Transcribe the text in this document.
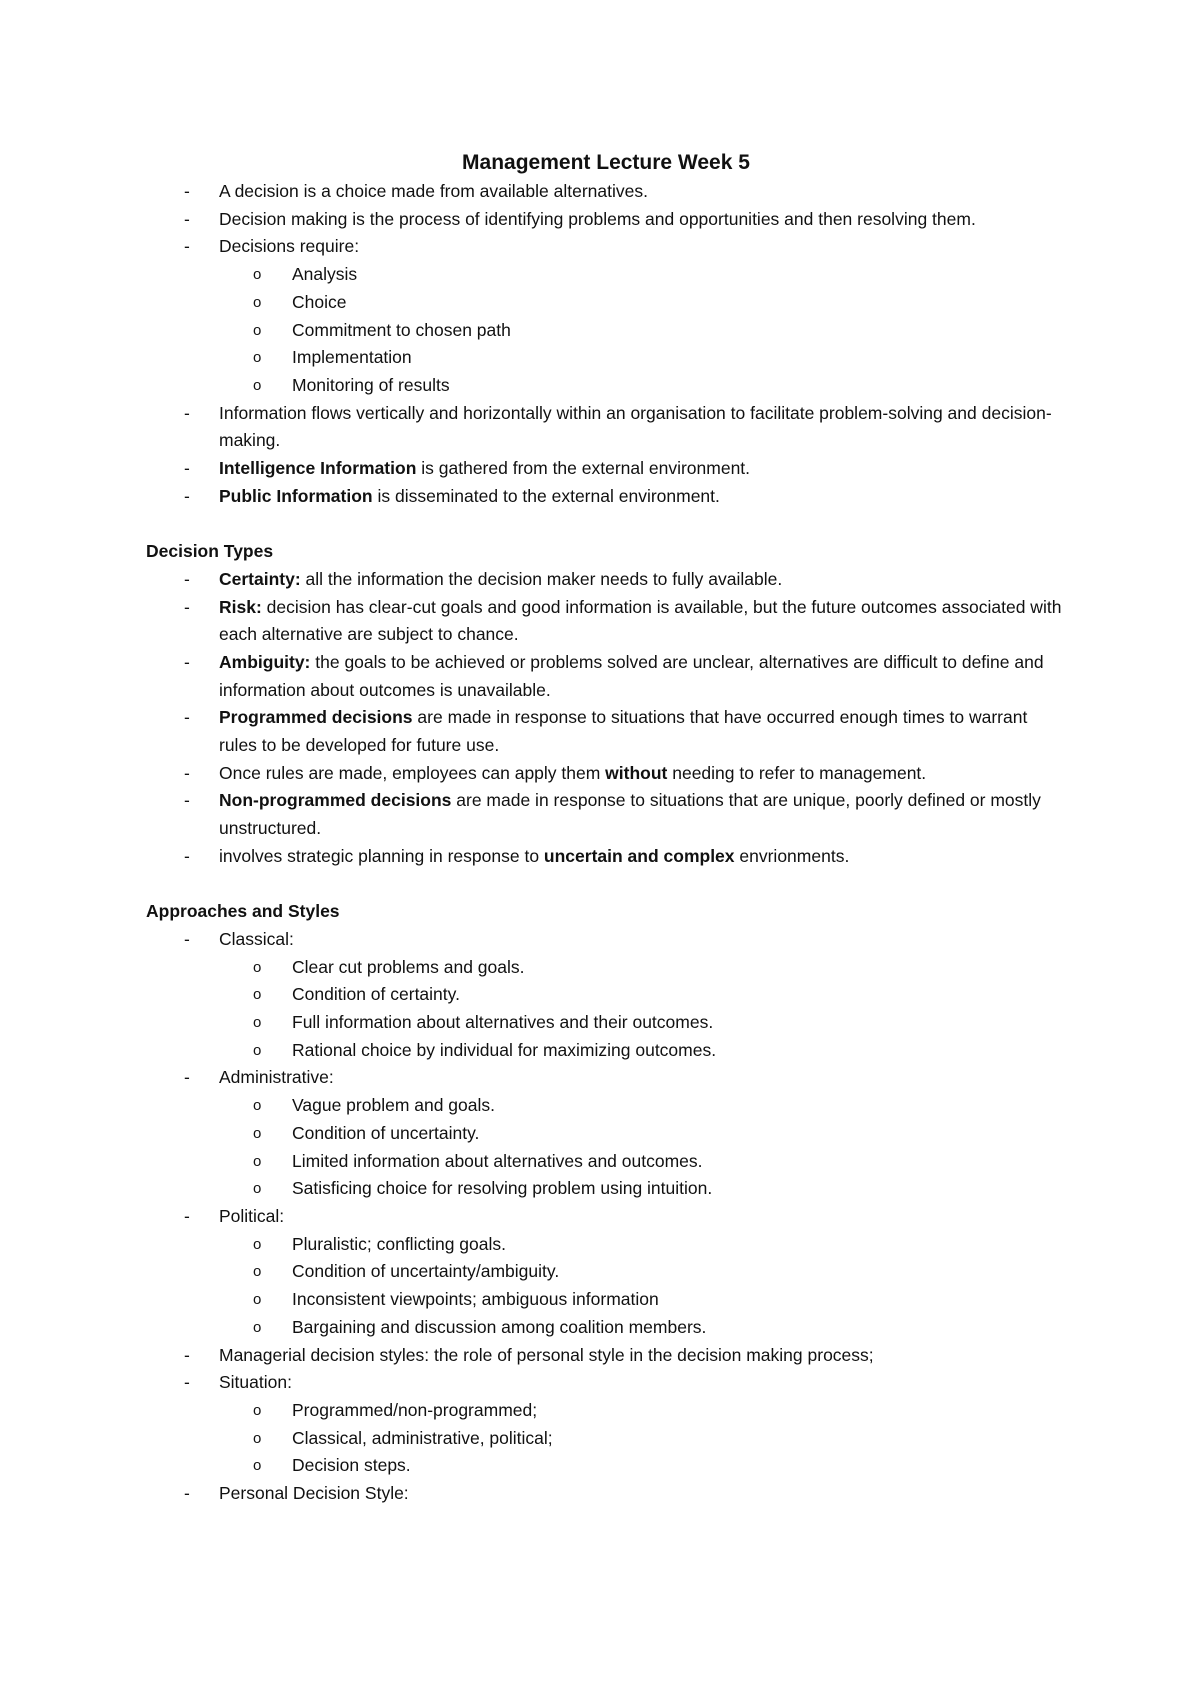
Management Lecture Week 5
- A decision is a choice made from available alternatives.
- Decision making is the process of identifying problems and opportunities and then resolving them.
- Decisions require:
o Analysis
o Choice
o Commitment to chosen path
o Implementation
o Monitoring of results
- Information flows vertically and horizontally within an organisation to facilitate problem-solving and decision-making.
- Intelligence Information is gathered from the external environment.
- Public Information is disseminated to the external environment.
Decision Types
- Certainty: all the information the decision maker needs to fully available.
- Risk: decision has clear-cut goals and good information is available, but the future outcomes associated with each alternative are subject to chance.
- Ambiguity: the goals to be achieved or problems solved are unclear, alternatives are difficult to define and information about outcomes is unavailable.
- Programmed decisions are made in response to situations that have occurred enough times to warrant rules to be developed for future use.
- Once rules are made, employees can apply them without needing to refer to management.
- Non-programmed decisions are made in response to situations that are unique, poorly defined or mostly unstructured.
- involves strategic planning in response to uncertain and complex envrionments.
Approaches and Styles
- Classical:
o Clear cut problems and goals.
o Condition of certainty.
o Full information about alternatives and their outcomes.
o Rational choice by individual for maximizing outcomes.
- Administrative:
o Vague problem and goals.
o Condition of uncertainty.
o Limited information about alternatives and outcomes.
o Satisficing choice for resolving problem using intuition.
- Political:
o Pluralistic; conflicting goals.
o Condition of uncertainty/ambiguity.
o Inconsistent viewpoints; ambiguous information
o Bargaining and discussion among coalition members.
- Managerial decision styles: the role of personal style in the decision making process;
- Situation:
o Programmed/non-programmed;
o Classical, administrative, political;
o Decision steps.
- Personal Decision Style:
